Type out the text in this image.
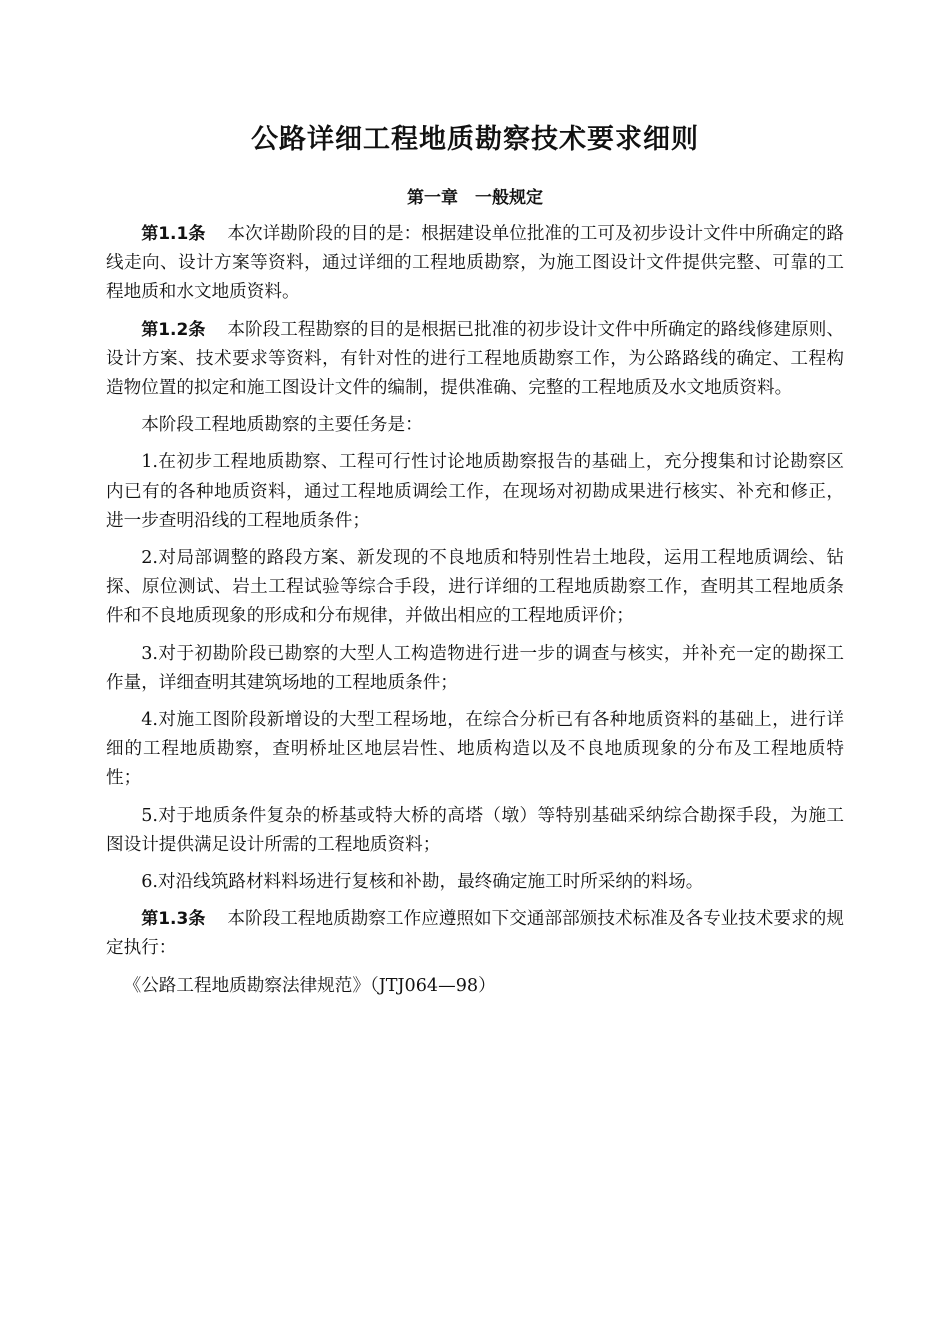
公路详细工程地质勘察技术要求细则
第一章　一般规定

第1.1条 本次详勘阶段的目的是：根据建设单位批准的工可及初步设计文件中所确定的路线走向、设计方案等资料，通过详细的工程地质勘察，为施工图设计文件提供完整、可靠的工程地质和水文地质资料。

第1.2条 本阶段工程勘察的目的是根据已批准的初步设计文件中所确定的路线修建原则、设计方案、技术要求等资料，有针对性的进行工程地质勘察工作，为公路路线的确定、工程构造物位置的拟定和施工图设计文件的编制，提供准确、完整的工程地质及水文地质资料。

本阶段工程地质勘察的主要任务是：

1.在初步工程地质勘察、工程可行性讨论地质勘察报告的基础上，充分搜集和讨论勘察区内已有的各种地质资料，通过工程地质调绘工作，在现场对初勘成果进行核实、补充和修正，进一步查明沿线的工程地质条件；

2.对局部调整的路段方案、新发现的不良地质和特别性岩土地段，运用工程地质调绘、钻探、原位测试、岩土工程试验等综合手段，进行详细的工程地质勘察工作，查明其工程地质条件和不良地质现象的形成和分布规律，并做出相应的工程地质评价；

3.对于初勘阶段已勘察的大型人工构造物进行进一步的调查与核实，并补充一定的勘探工作量，详细查明其建筑场地的工程地质条件；

4.对施工图阶段新增设的大型工程场地，在综合分析已有各种地质资料的基础上，进行详细的工程地质勘察，查明桥址区地层岩性、地质构造以及不良地质现象的分布及工程地质特性；

5.对于地质条件复杂的桥基或特大桥的高塔（墩）等特别基础采纳综合勘探手段，为施工图设计提供满足设计所需的工程地质资料；

6.对沿线筑路材料料场进行复核和补勘，最终确定施工时所采纳的料场。

第1.3条 本阶段工程地质勘察工作应遵照如下交通部部颁技术标准及各专业技术要求的规定执行：

《公路工程地质勘察法律规范》（JTJ064—98）
